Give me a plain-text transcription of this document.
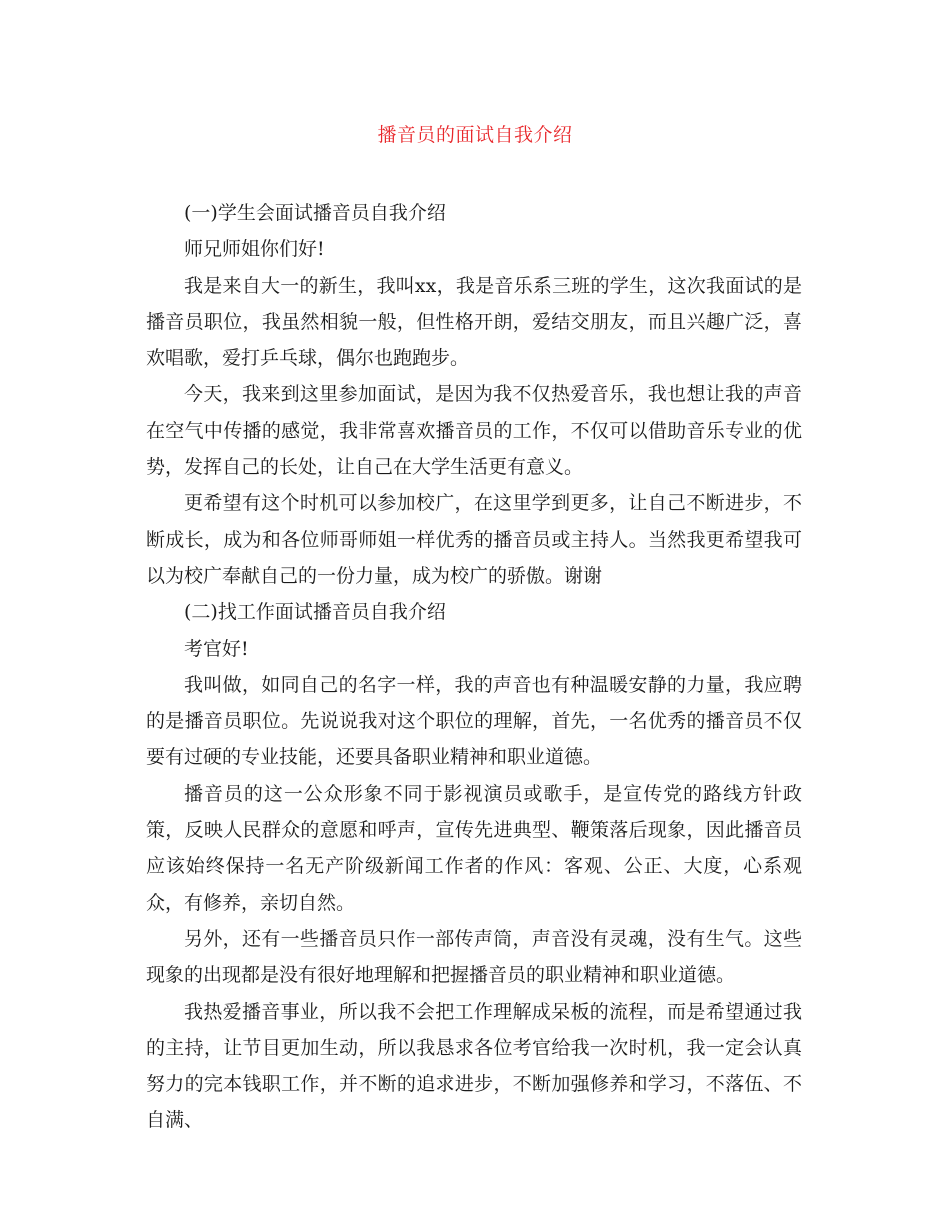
播音员的面试自我介绍

(一)学生会面试播音员自我介绍

师兄师姐你们好!

我是来自大一的新生，我叫xx，我是音乐系三班的学生，这次我面试的是播音员职位，我虽然相貌一般，但性格开朗，爱结交朋友，而且兴趣广泛，喜欢唱歌，爱打乒乓球，偶尔也跑跑步。

今天，我来到这里参加面试，是因为我不仅热爱音乐，我也想让我的声音在空气中传播的感觉，我非常喜欢播音员的工作，不仅可以借助音乐专业的优势，发挥自己的长处，让自己在大学生活更有意义。

更希望有这个时机可以参加校广，在这里学到更多，让自己不断进步，不断成长，成为和各位师哥师姐一样优秀的播音员或主持人。当然我更希望我可以为校广奉献自己的一份力量，成为校广的骄傲。谢谢

(二)找工作面试播音员自我介绍

考官好!

我叫做，如同自己的名字一样，我的声音也有种温暖安静的力量，我应聘的是播音员职位。先说说我对这个职位的理解，首先，一名优秀的播音员不仅要有过硬的专业技能，还要具备职业精神和职业道德。

播音员的这一公众形象不同于影视演员或歌手，是宣传党的路线方针政策，反映人民群众的意愿和呼声，宣传先进典型、鞭策落后现象，因此播音员应该始终保持一名无产阶级新闻工作者的作风：客观、公正、大度，心系观众，有修养，亲切自然。

另外，还有一些播音员只作一部传声筒，声音没有灵魂，没有生气。这些现象的出现都是没有很好地理解和把握播音员的职业精神和职业道德。

我热爱播音事业，所以我不会把工作理解成呆板的流程，而是希望通过我的主持，让节目更加生动，所以我恳求各位考官给我一次时机，我一定会认真努力的完本钱职工作，并不断的追求进步，不断加强修养和学习，不落伍、不自满、
